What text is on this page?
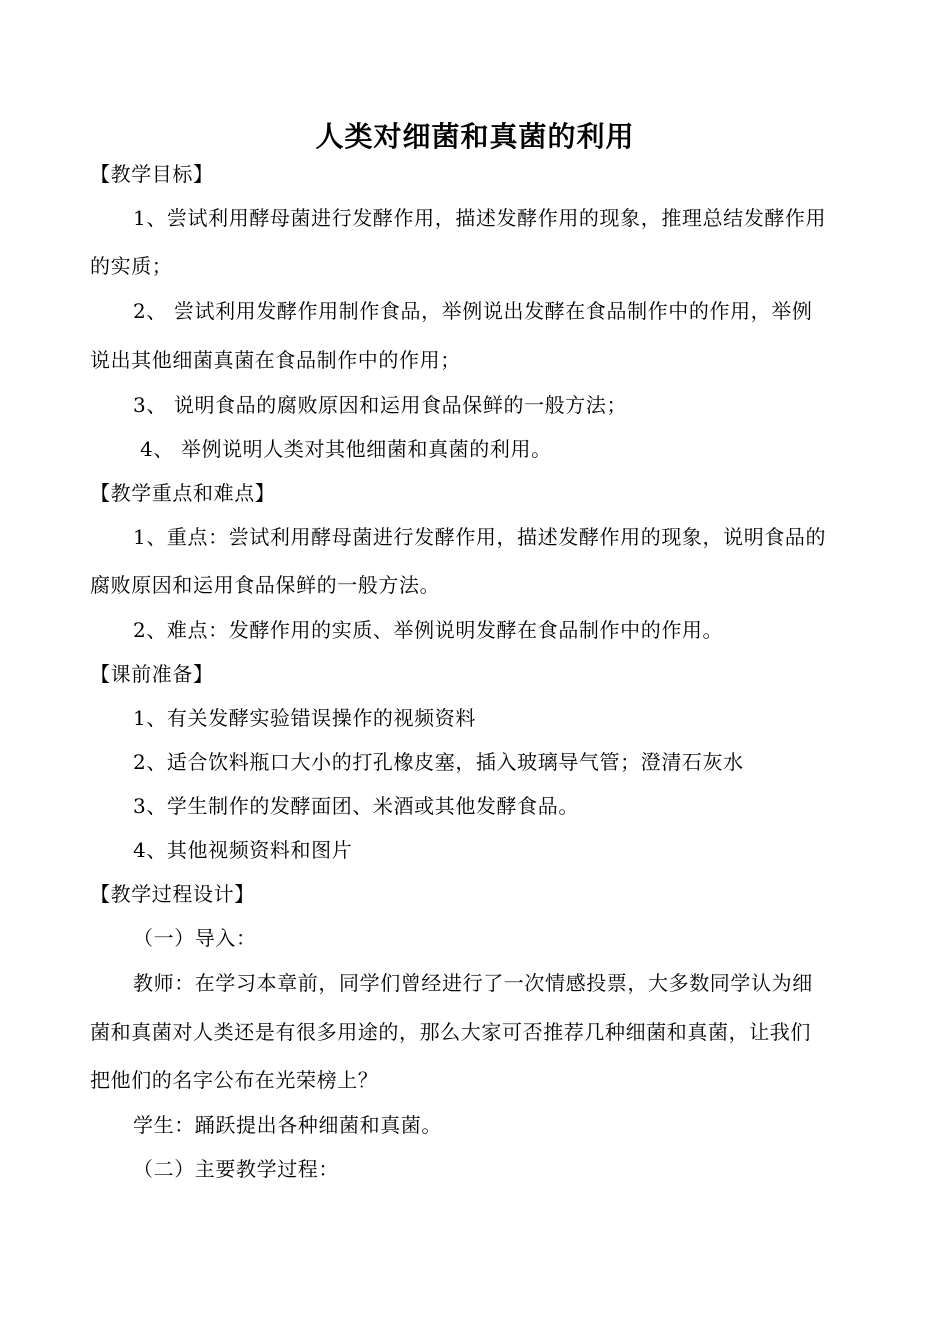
人类对细菌和真菌的利用
【教学目标】
1、尝试利用酵母菌进行发酵作用，描述发酵作用的现象，推理总结发酵作用
的实质；
2、 尝试利用发酵作用制作食品，举例说出发酵在食品制作中的作用，举例
说出其他细菌真菌在食品制作中的作用；
3、 说明食品的腐败原因和运用食品保鲜的一般方法；
4、 举例说明人类对其他细菌和真菌的利用。
【教学重点和难点】
1、重点：尝试利用酵母菌进行发酵作用，描述发酵作用的现象，说明食品的
腐败原因和运用食品保鲜的一般方法。
2、难点：发酵作用的实质、举例说明发酵在食品制作中的作用。
【课前准备】
1、有关发酵实验错误操作的视频资料
2、适合饮料瓶口大小的打孔橡皮塞，插入玻璃导气管；澄清石灰水
3、学生制作的发酵面团、米酒或其他发酵食品。
4、其他视频资料和图片
【教学过程设计】
（一）导入：
教师：在学习本章前，同学们曾经进行了一次情感投票，大多数同学认为细
菌和真菌对人类还是有很多用途的，那么大家可否推荐几种细菌和真菌，让我们
把他们的名字公布在光荣榜上？
学生：踊跃提出各种细菌和真菌。
（二）主要教学过程：
